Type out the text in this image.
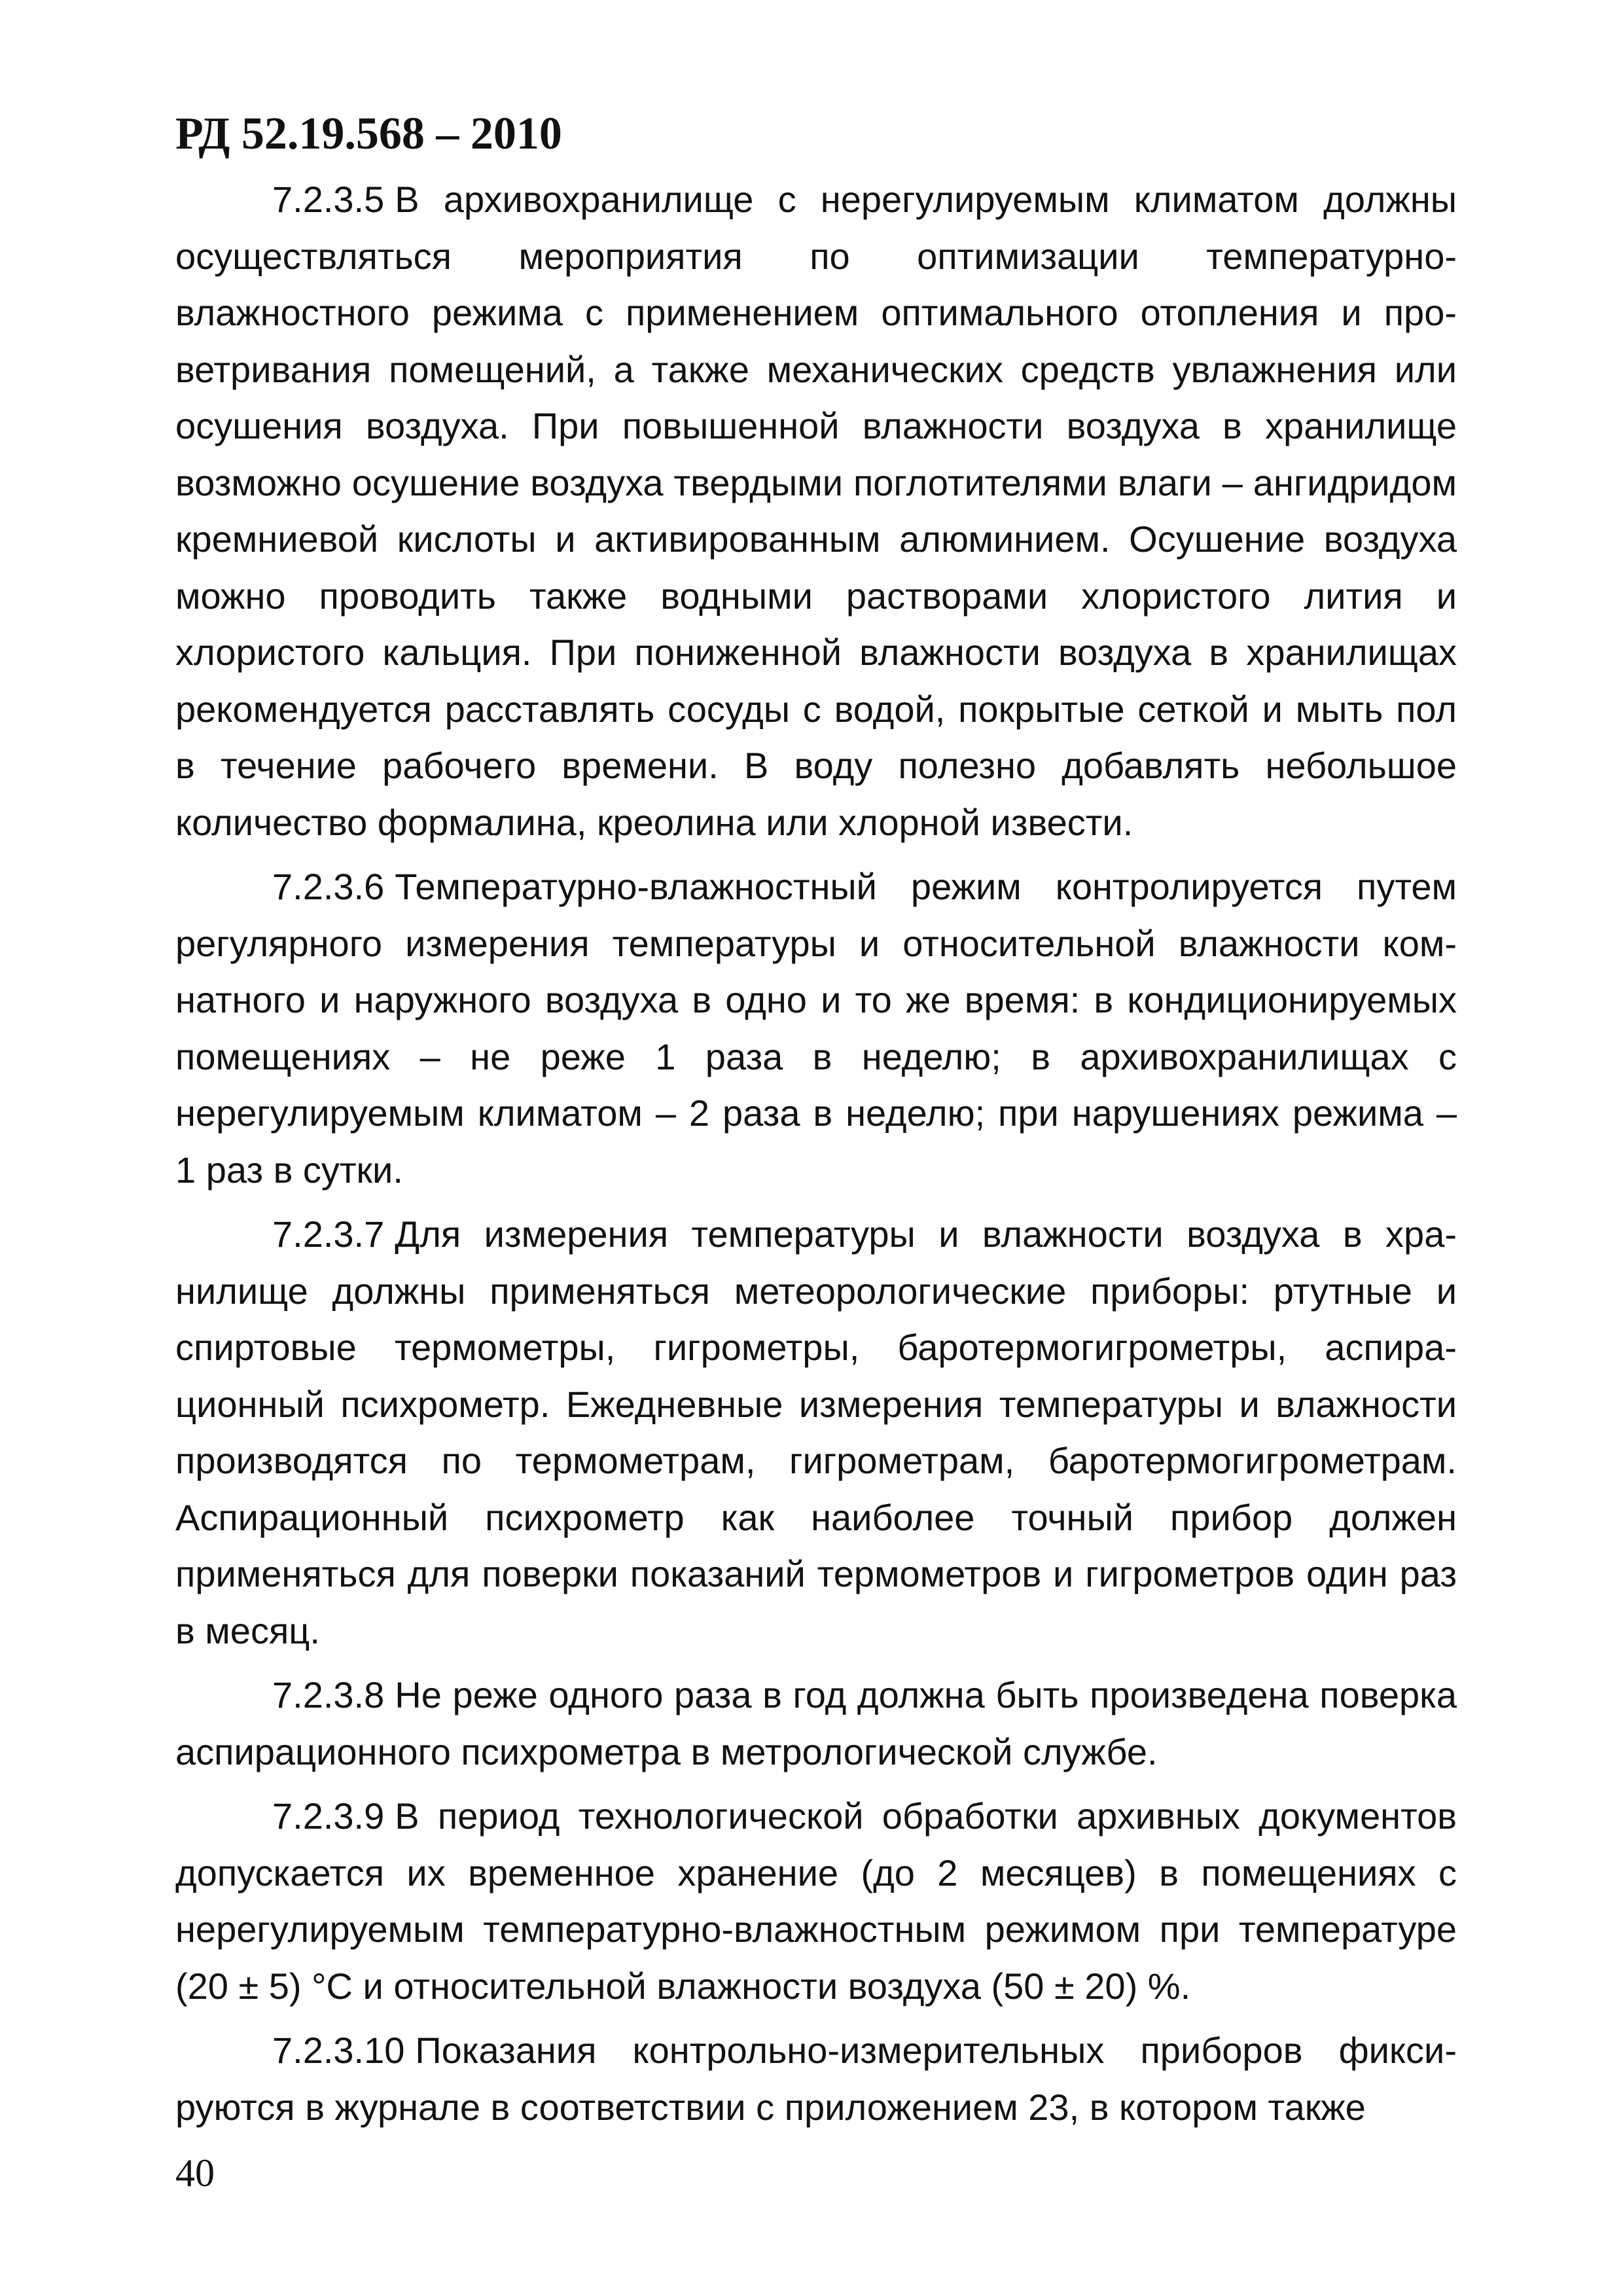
РД 52.19.568 – 2010

7.2.3.5 В архивохранилище с нерегулируемым климатом должны осуществляться мероприятия по оптимизации температурно-влажностного режима с применением оптимального отопления и проветривания помещений, а также механических средств увлажнения или осушения воздуха. При повышенной влажности воздуха в хранилище возможно осушение воздуха твердыми поглотителями влаги – ангидридом кремниевой кислоты и активированным алюминием. Осушение воздуха можно проводить также водными растворами хлористого лития и хлористого кальция. При пониженной влажности воздуха в хранилищах рекомендуется расставлять сосуды с водой, покрытые сеткой и мыть пол в течение рабочего времени. В воду полезно добавлять небольшое количество формалина, креолина или хлорной извести.

7.2.3.6 Температурно-влажностный режим контролируется путем регулярного измерения температуры и относительной влажности комнатного и наружного воздуха в одно и то же время: в кондиционируемых помещениях – не реже 1 раза в неделю; в архивохранилищах с нерегулируемым климатом – 2 раза в неделю; при нарушениях режима – 1 раз в сутки.

7.2.3.7 Для измерения температуры и влажности воздуха в хранилище должны применяться метеорологические приборы: ртутные и спиртовые термометры, гигрометры, баротермогигрометры, аспирационный психрометр. Ежедневные измерения температуры и влажности производятся по термометрам, гигрометрам, баротермогигрометрам. Аспирационный психрометр как наиболее точный прибор должен применяться для поверки показаний термометров и гигрометров один раз в месяц.

7.2.3.8 Не реже одного раза в год должна быть произведена поверка аспирационного психрометра в метрологической службе.

7.2.3.9 В период технологической обработки архивных документов допускается их временное хранение (до 2 месяцев) в помещениях с нерегулируемым температурно-влажностным режимом при температуре (20 ± 5) °С и относительной влажности воздуха (50 ± 20) %.

7.2.3.10 Показания контрольно-измерительных приборов фиксируются в журнале в соответствии с приложением 23, в котором также

40
